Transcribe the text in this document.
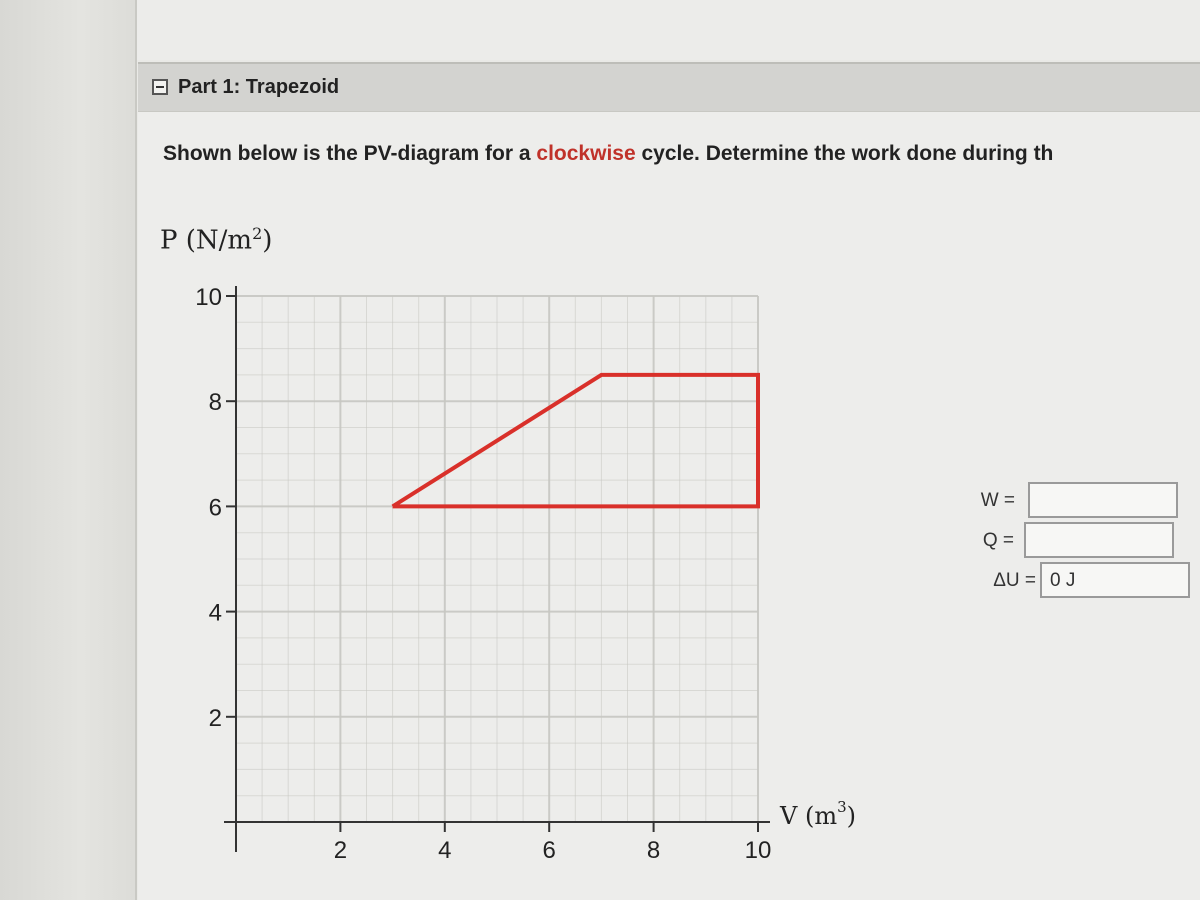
Part 1: Trapezoid
Shown below is the PV-diagram for a clockwise cycle. Determine the work done during th
P $(N/m^2)$
2
4
6
8
10
2	4	6	8	10
V $(m^3)$
W =
Q =
ΔU = 0 J
